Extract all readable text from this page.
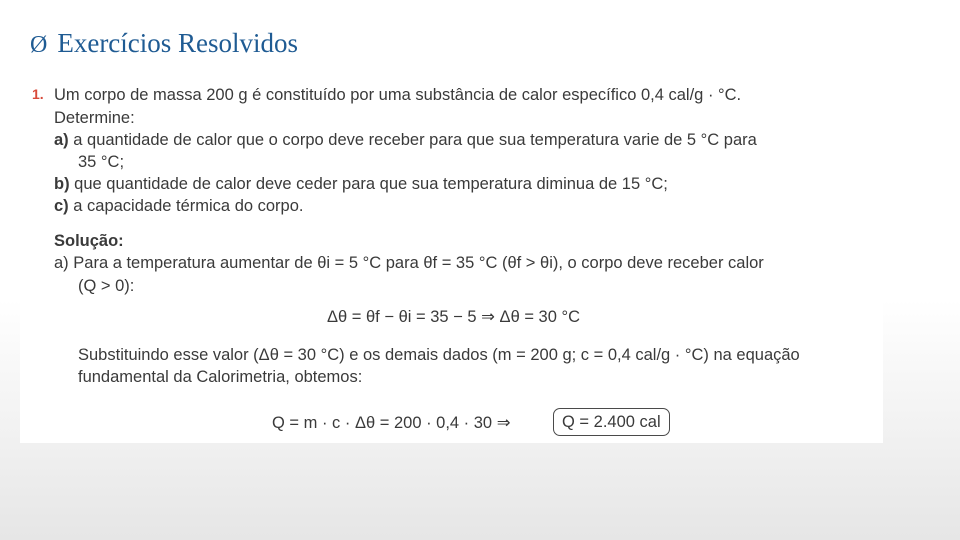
Ø Exercícios Resolvidos
1. Um corpo de massa 200 g é constituído por uma substância de calor específico 0,4 cal/g · °C.
Determine:
a) a quantidade de calor que o corpo deve receber para que sua temperatura varie de 5 °C para
35 °C;
b) que quantidade de calor deve ceder para que sua temperatura diminua de 15 °C;
c) a capacidade térmica do corpo.
Solução:
a) Para a temperatura aumentar de θi = 5 °C para θf = 35 °C (θf > θi), o corpo deve receber calor
(Q > 0):
Δθ = θf − θi = 35 − 5 ⇒ Δθ = 30 °C
Substituindo esse valor (Δθ = 30 °C) e os demais dados (m = 200 g; c = 0,4 cal/g · °C) na equação
fundamental da Calorimetria, obtemos:
Q = m · c · Δθ = 200 · 0,4 · 30 ⇒	Q = 2.400 cal
